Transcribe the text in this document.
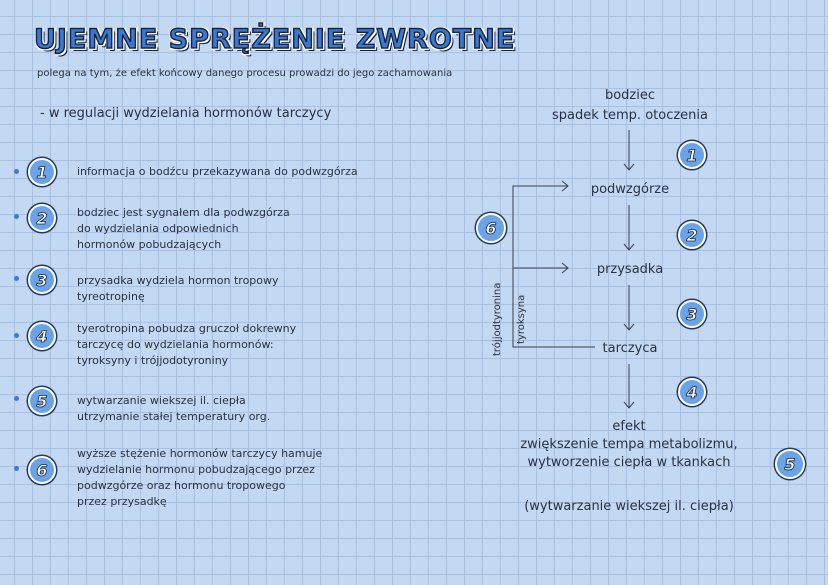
UJEMNE SPRĘŻENIE ZWROTNE
polega na tym, że efekt końcowy danego procesu prowadzi do jego zachamowania
- w regulacji wydzielania hormonów tarczycy
1	informacja o bodźcu przekazywana do podwzgórza
2	bodziec jest sygnałem dla podwzgórza
do wydzielania odpowiednich
hormonów pobudzających
3	przysadka wydziela hormon tropowy
tyreotropinę
4	tyerotropina pobudza gruczoł dokrewny
tarczycę do wydzielania hormonów:
tyroksyny i trójjodotyroniny
5	wytwarzanie wiekszej il. ciepła
utrzymanie stałej temperatury org.
6
wyższe stężenie hormonów tarczycy hamuje
wydzielanie hormonu pobudzającego przez
podwzgórze oraz hormonu tropowego
przez przysadkę
bodziec
spadek temp. otoczenia
podwzgórze
przysadka
tarczyca
efekt
zwiększenie tempa metabolizmu,
wytworzenie ciepła w tkankach
(wytwarzanie wiekszej il. ciepła)
trójjodtyronina tyroksyna
1
2
3
4
5
6
